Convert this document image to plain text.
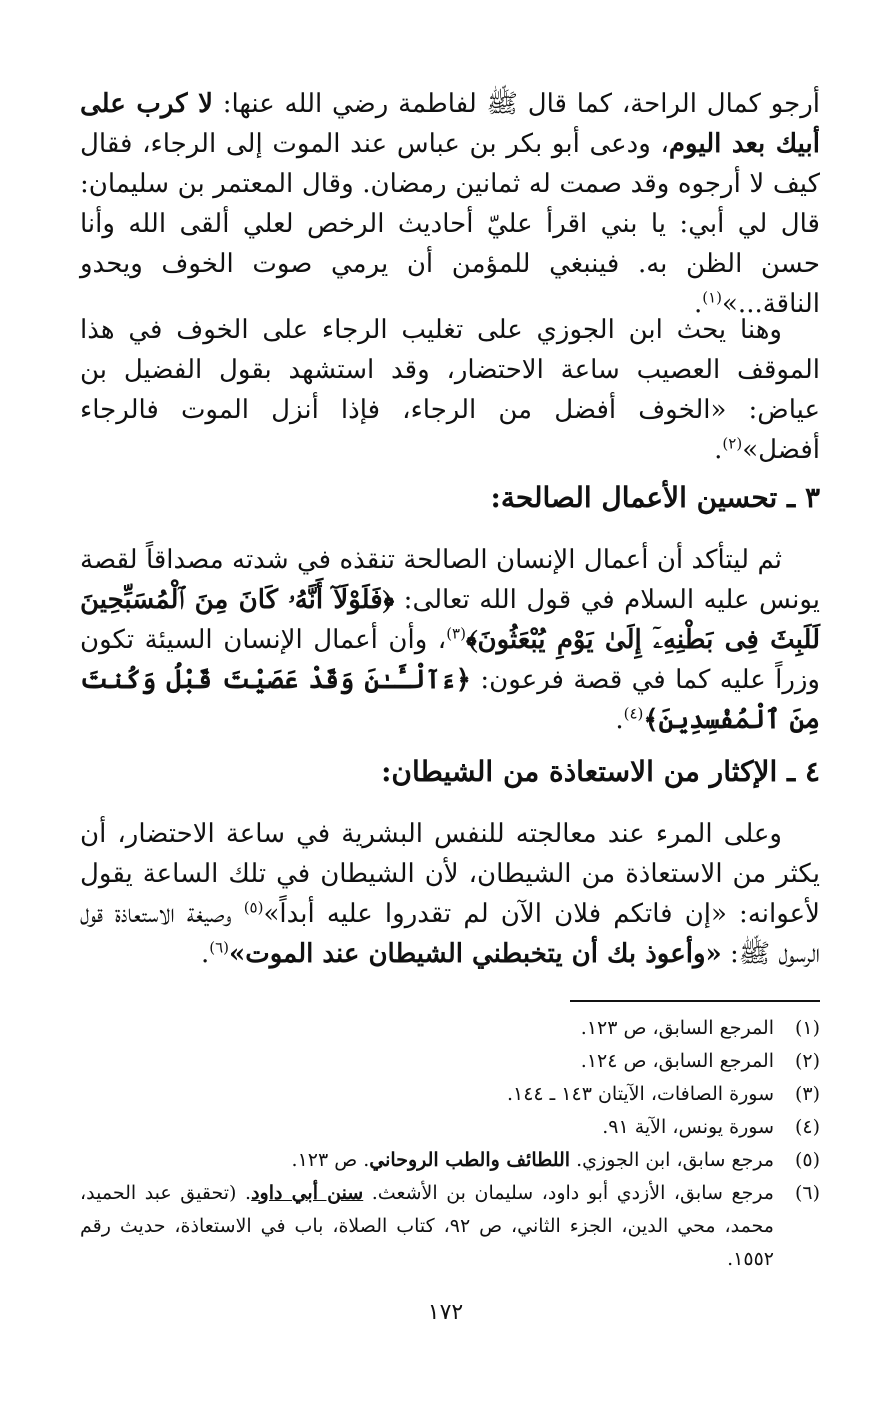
أرجو كمال الراحة، كما قال ﷺ لفاطمة رضي الله عنها: لا كرب على أبيك بعد اليوم، ودعى أبو بكر بن عباس عند الموت إلى الرجاء، فقال كيف لا أرجوه وقد صمت له ثمانين رمضان. وقال المعتمر بن سليمان: قال لي أبي: يا بني اقرأ عليّ أحاديث الرخص لعلي ألقى الله وأنا حسن الظن به. فينبغي للمؤمن أن يرمي صوت الخوف ويحدو الناقة...»$^{(١)}$.

وهنا يحث ابن الجوزي على تغليب الرجاء على الخوف في هذا الموقف العصيب ساعة الاحتضار، وقد استشهد بقول الفضيل بن عياض: «الخوف أفضل من الرجاء، فإذا أنزل الموت فالرجاء أفضل»$^{(٢)}$.

٣ ـ تحسين الأعمال الصالحة:

ثم ليتأكد أن أعمال الإنسان الصالحة تنقذه في شدته مصداقاً لقصة يونس عليه السلام في قول الله تعالى: ﴿فَلَوْلَآ أَنَّهُۥ كَانَ مِنَ ٱلْمُسَبِّحِينَ لَلَبِثَ فِى بَطْنِهِۦٓ إِلَىٰ يَوْمِ يُبْعَثُونَ﴾$^{(٣)}$، وأن أعمال الإنسان السيئة تكون وزراً عليه كما في قصة فرعون: ﴿ءَآلْـَٔـٰنَ وَقَدْ عَصَيْتَ قَبْلُ وَكُنتَ مِنَ ٱلْمُفْسِدِينَ﴾$^{(٤)}$.

٤ ـ الإكثار من الاستعاذة من الشيطان:

وعلى المرء عند معالجته للنفس البشرية في ساعة الاحتضار، أن يكثر من الاستعاذة من الشيطان، لأن الشيطان في تلك الساعة يقول لأعوانه: «إن فاتكم فلان الآن لم تقدروا عليه أبداً»$^{(٥)}$ وصيغة الاستعاذة قول الرسول ﷺ: «وأعوذ بك أن يتخبطني الشيطان عند الموت»$^{(٦)}$.

(١)
المرجع السابق، ص ١٢٣.

(٢)
المرجع السابق، ص ١٢٤.

(٣)
سورة الصافات، الآيتان ١٤٣ ـ ١٤٤.

(٤)
سورة يونس، الآية ٩١.

(٥)
مرجع سابق، ابن الجوزي. اللطائف والطب الروحاني. ص ١٢٣.

(٦)
مرجع سابق، الأزدي أبو داود، سليمان بن الأشعث. سنن أبي داود. (تحقيق عبد الحميد، محمد، محي الدين، الجزء الثاني، ص ٩٢، كتاب الصلاة، باب في الاستعاذة، حديث رقم ١٥٥٢.

١٧٢
